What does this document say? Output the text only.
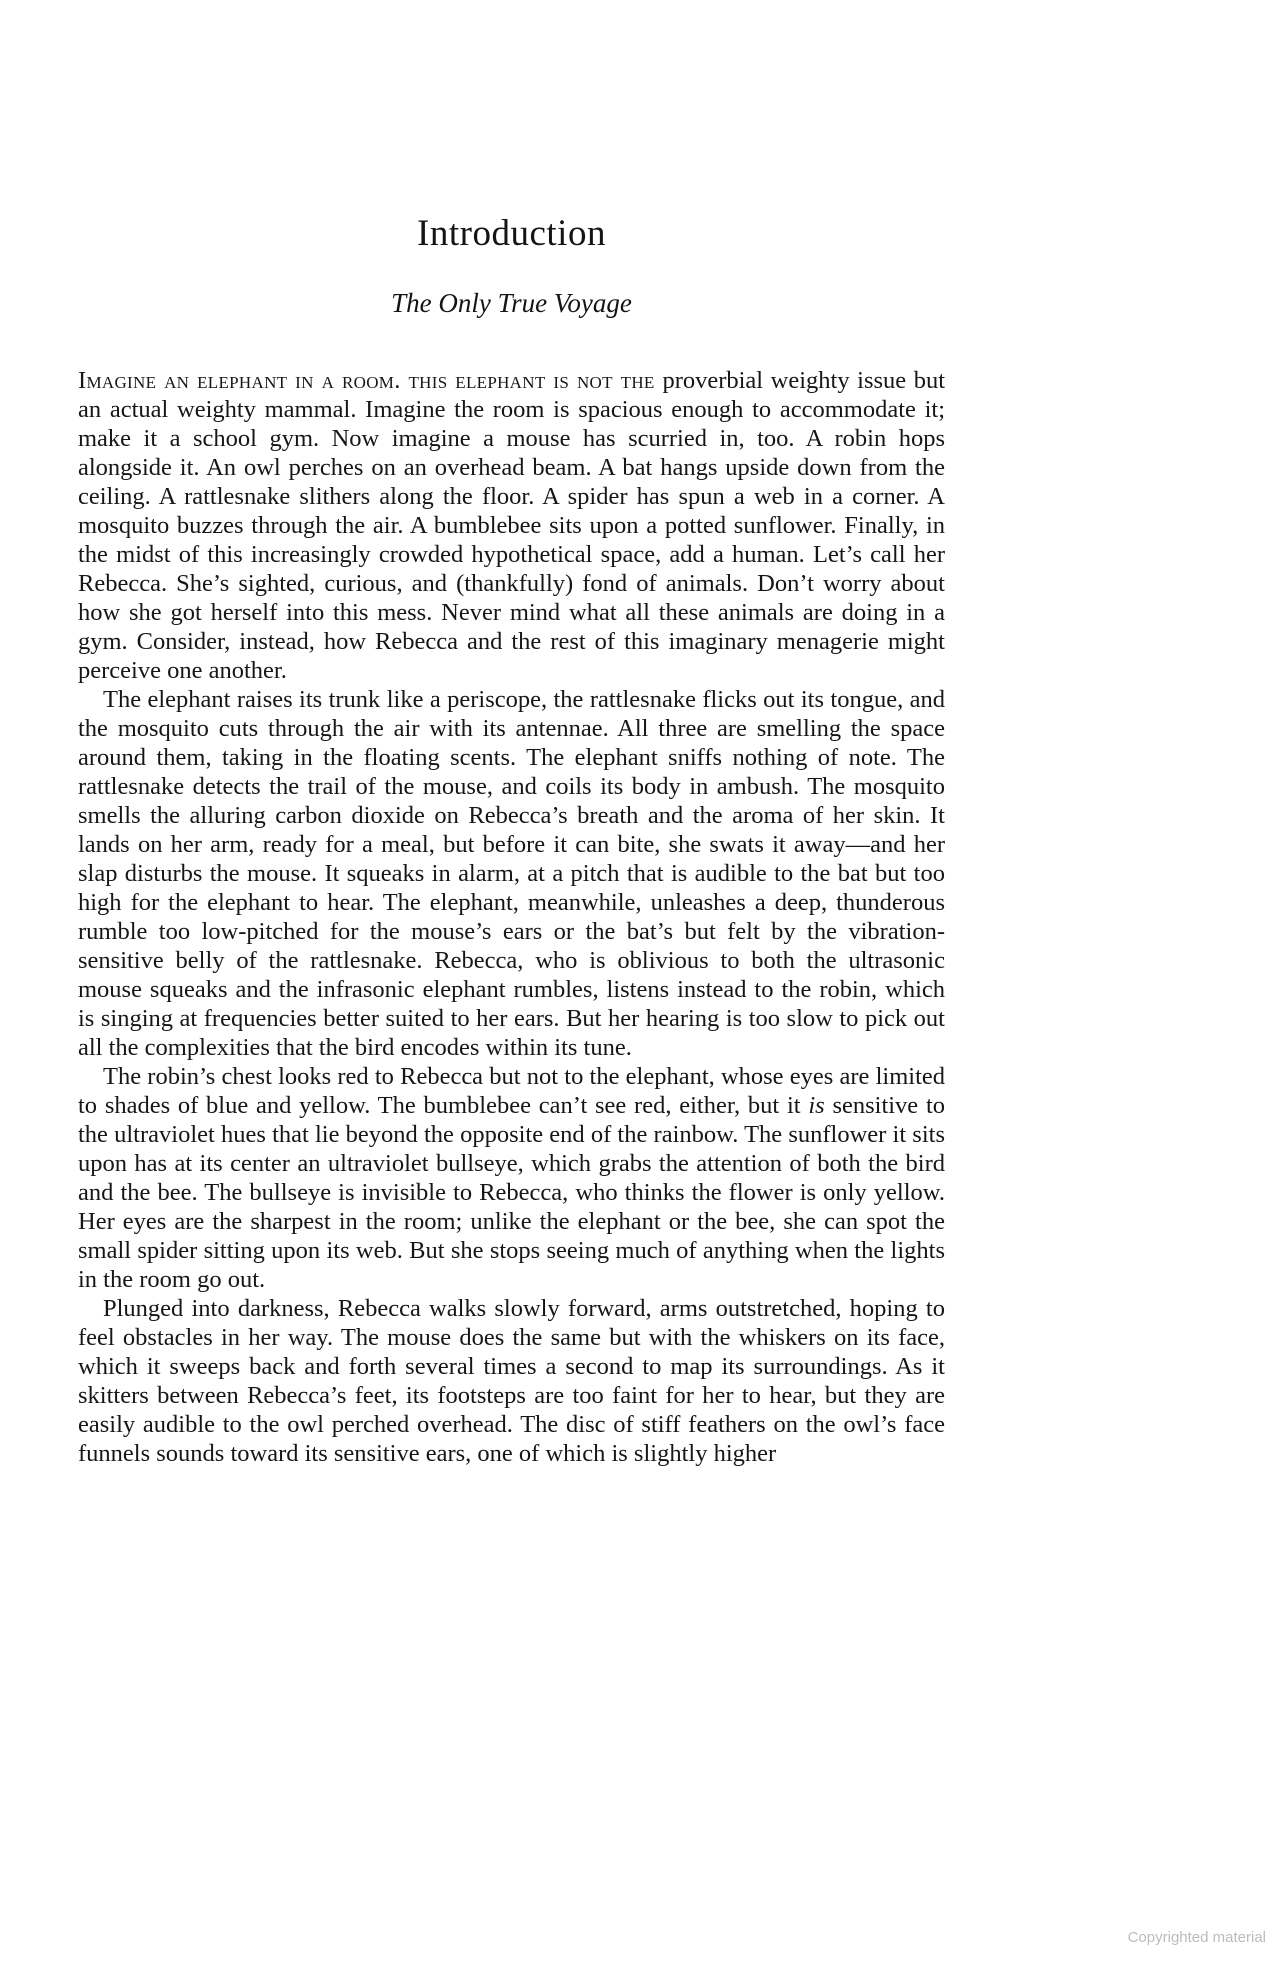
Introduction
The Only True Voyage

Imagine an elephant in a room. this elephant is not the proverbial weighty issue but an actual weighty mammal. Imagine the room is spacious enough to accommodate it; make it a school gym. Now imagine a mouse has scurried in, too. A robin hops alongside it. An owl perches on an overhead beam. A bat hangs upside down from the ceiling. A rattlesnake slithers along the floor. A spider has spun a web in a corner. A mosquito buzzes through the air. A bumblebee sits upon a potted sunflower. Finally, in the midst of this increasingly crowded hypothetical space, add a human. Let’s call her Rebecca. She’s sighted, curious, and (thankfully) fond of animals. Don’t worry about how she got herself into this mess. Never mind what all these animals are doing in a gym. Consider, instead, how Rebecca and the rest of this imaginary menagerie might perceive one another.

The elephant raises its trunk like a periscope, the rattlesnake flicks out its tongue, and the mosquito cuts through the air with its antennae. All three are smelling the space around them, taking in the floating scents. The elephant sniffs nothing of note. The rattlesnake detects the trail of the mouse, and coils its body in ambush. The mosquito smells the alluring carbon dioxide on Rebecca’s breath and the aroma of her skin. It lands on her arm, ready for a meal, but before it can bite, she swats it away—and her slap disturbs the mouse. It squeaks in alarm, at a pitch that is audible to the bat but too high for the elephant to hear. The elephant, meanwhile, unleashes a deep, thunderous rumble too low-pitched for the mouse’s ears or the bat’s but felt by the vibration-sensitive belly of the rattlesnake. Rebecca, who is oblivious to both the ultrasonic mouse squeaks and the infrasonic elephant rumbles, listens instead to the robin, which is singing at frequencies better suited to her ears. But her hearing is too slow to pick out all the complexities that the bird encodes within its tune.

The robin’s chest looks red to Rebecca but not to the elephant, whose eyes are limited to shades of blue and yellow. The bumblebee can’t see red, either, but it is sensitive to the ultraviolet hues that lie beyond the opposite end of the rainbow. The sunflower it sits upon has at its center an ultraviolet bullseye, which grabs the attention of both the bird and the bee. The bullseye is invisible to Rebecca, who thinks the flower is only yellow. Her eyes are the sharpest in the room; unlike the elephant or the bee, she can spot the small spider sitting upon its web. But she stops seeing much of anything when the lights in the room go out.

Plunged into darkness, Rebecca walks slowly forward, arms outstretched, hoping to feel obstacles in her way. The mouse does the same but with the whiskers on its face, which it sweeps back and forth several times a second to map its surroundings. As it skitters between Rebecca’s feet, its footsteps are too faint for her to hear, but they are easily audible to the owl perched overhead. The disc of stiff feathers on the owl’s face funnels sounds toward its sensitive ears, one of which is slightly higher

Copyrighted material
